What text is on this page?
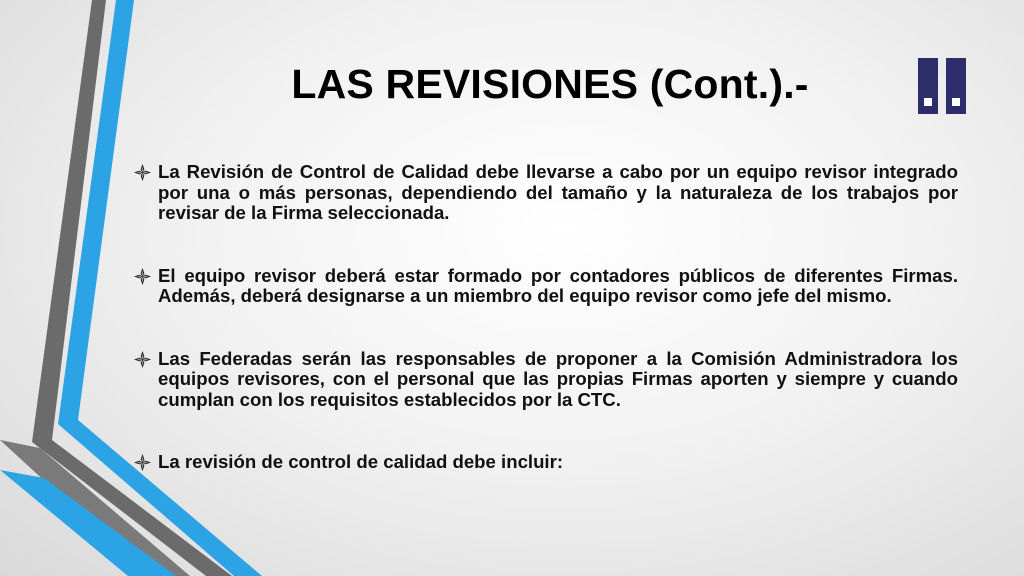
LAS REVISIONES (Cont.).-
La Revisión de Control de Calidad debe llevarse a cabo por un equipo revisor integrado por una o más personas, dependiendo del tamaño y la naturaleza de los trabajos por revisar de la Firma seleccionada.
El equipo revisor deberá estar formado por contadores públicos de diferentes Firmas. Además, deberá designarse a un miembro del equipo revisor como jefe del mismo.
Las Federadas serán las responsables de proponer a la Comisión Administradora los equipos revisores, con el personal que las propias Firmas aporten y siempre y cuando cumplan con los requisitos establecidos por la CTC.
La revisión de control de calidad debe incluir:
